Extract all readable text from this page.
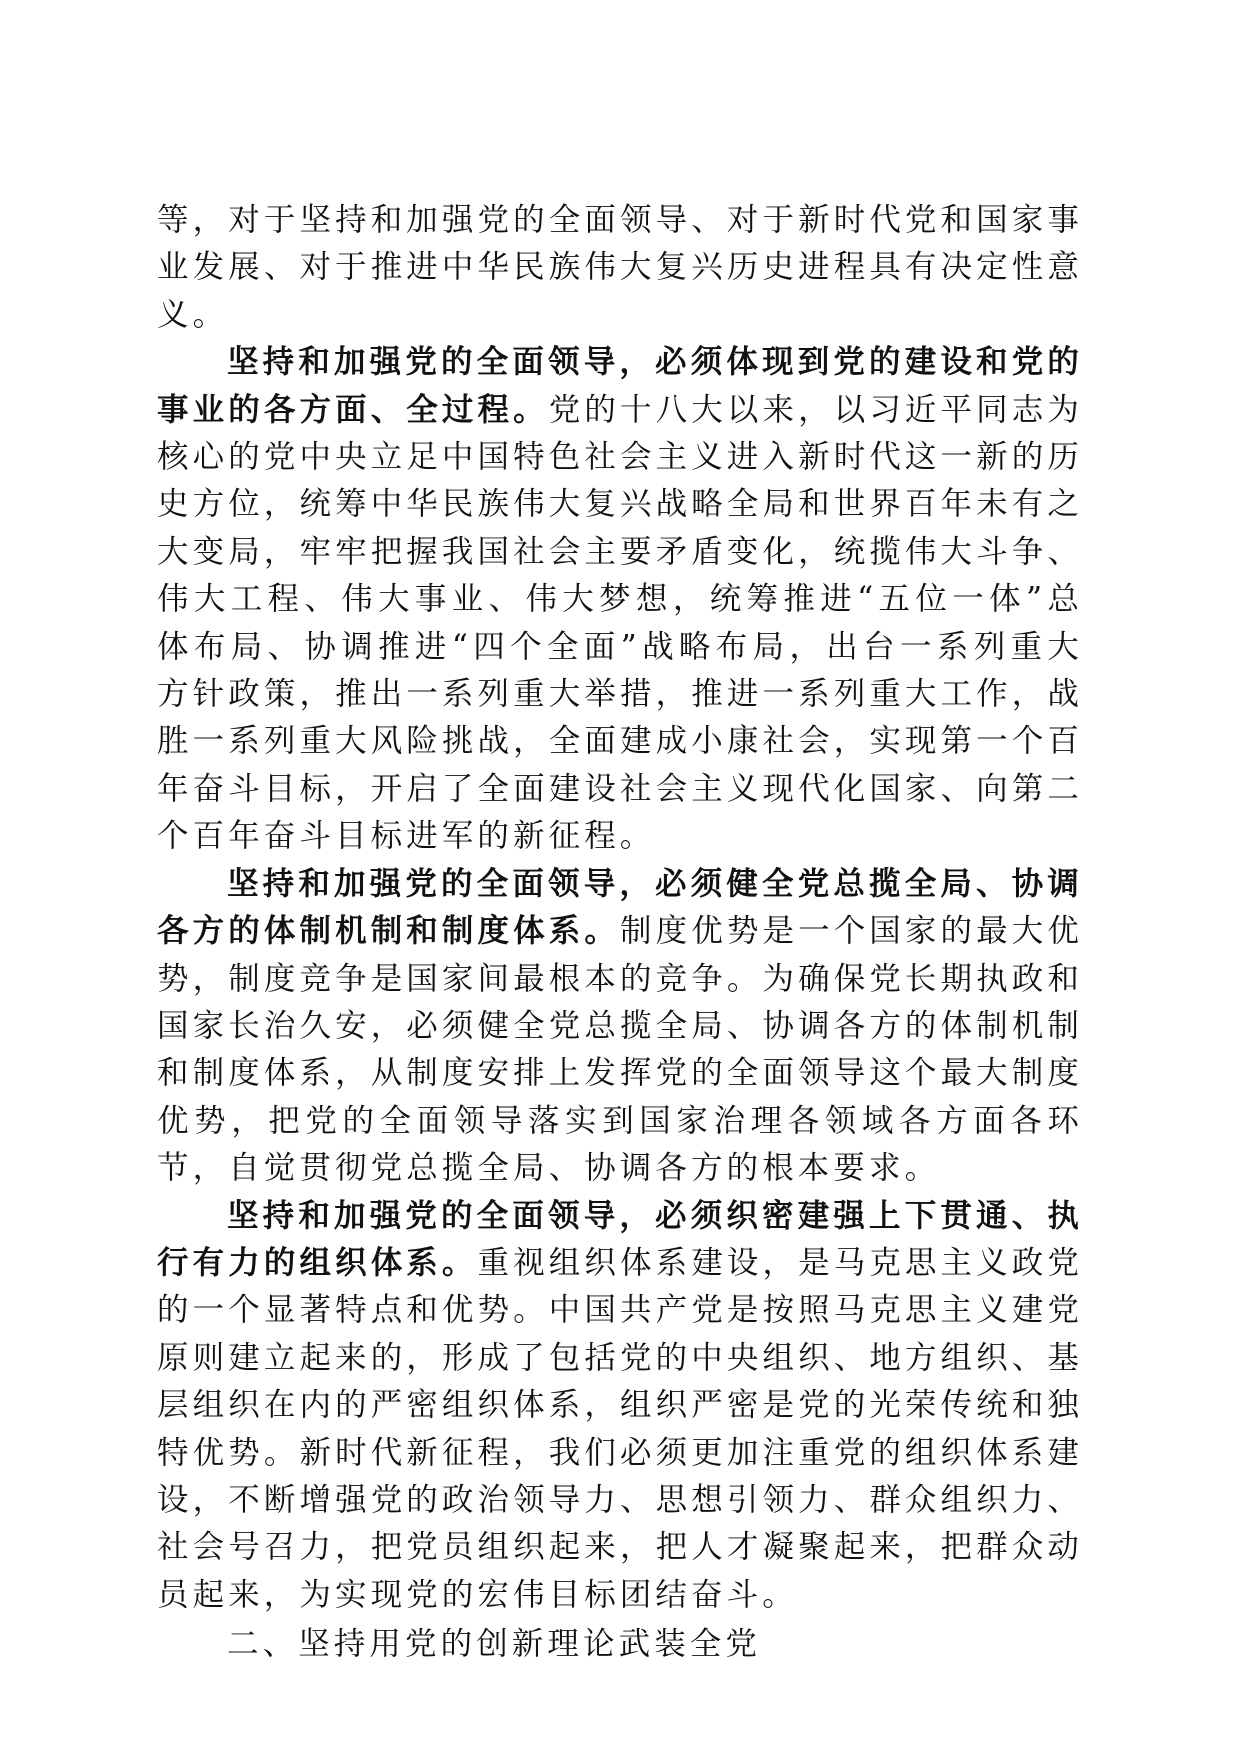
等，对于坚持和加强党的全面领导、对于新时代党和国家事业发展、对于推进中华民族伟大复兴历史进程具有决定性意义。

坚持和加强党的全面领导，必须体现到党的建设和党的事业的各方面、全过程。党的十八大以来，以习近平同志为核心的党中央立足中国特色社会主义进入新时代这一新的历史方位，统筹中华民族伟大复兴战略全局和世界百年未有之大变局，牢牢把握我国社会主要矛盾变化，统揽伟大斗争、伟大工程、伟大事业、伟大梦想，统筹推进“五位一体”总体布局、协调推进“四个全面”战略布局，出台一系列重大方针政策，推出一系列重大举措，推进一系列重大工作，战胜一系列重大风险挑战，全面建成小康社会，实现第一个百年奋斗目标，开启了全面建设社会主义现代化国家、向第二个百年奋斗目标进军的新征程。

坚持和加强党的全面领导，必须健全党总揽全局、协调各方的体制机制和制度体系。制度优势是一个国家的最大优势，制度竞争是国家间最根本的竞争。为确保党长期执政和国家长治久安，必须健全党总揽全局、协调各方的体制机制和制度体系，从制度安排上发挥党的全面领导这个最大制度优势，把党的全面领导落实到国家治理各领域各方面各环节，自觉贯彻党总揽全局、协调各方的根本要求。

坚持和加强党的全面领导，必须织密建强上下贯通、执行有力的组织体系。重视组织体系建设，是马克思主义政党的一个显著特点和优势。中国共产党是按照马克思主义建党原则建立起来的，形成了包括党的中央组织、地方组织、基层组织在内的严密组织体系，组织严密是党的光荣传统和独特优势。新时代新征程，我们必须更加注重党的组织体系建设，不断增强党的政治领导力、思想引领力、群众组织力、社会号召力，把党员组织起来，把人才凝聚起来，把群众动员起来，为实现党的宏伟目标团结奋斗。

二、坚持用党的创新理论武装全党
